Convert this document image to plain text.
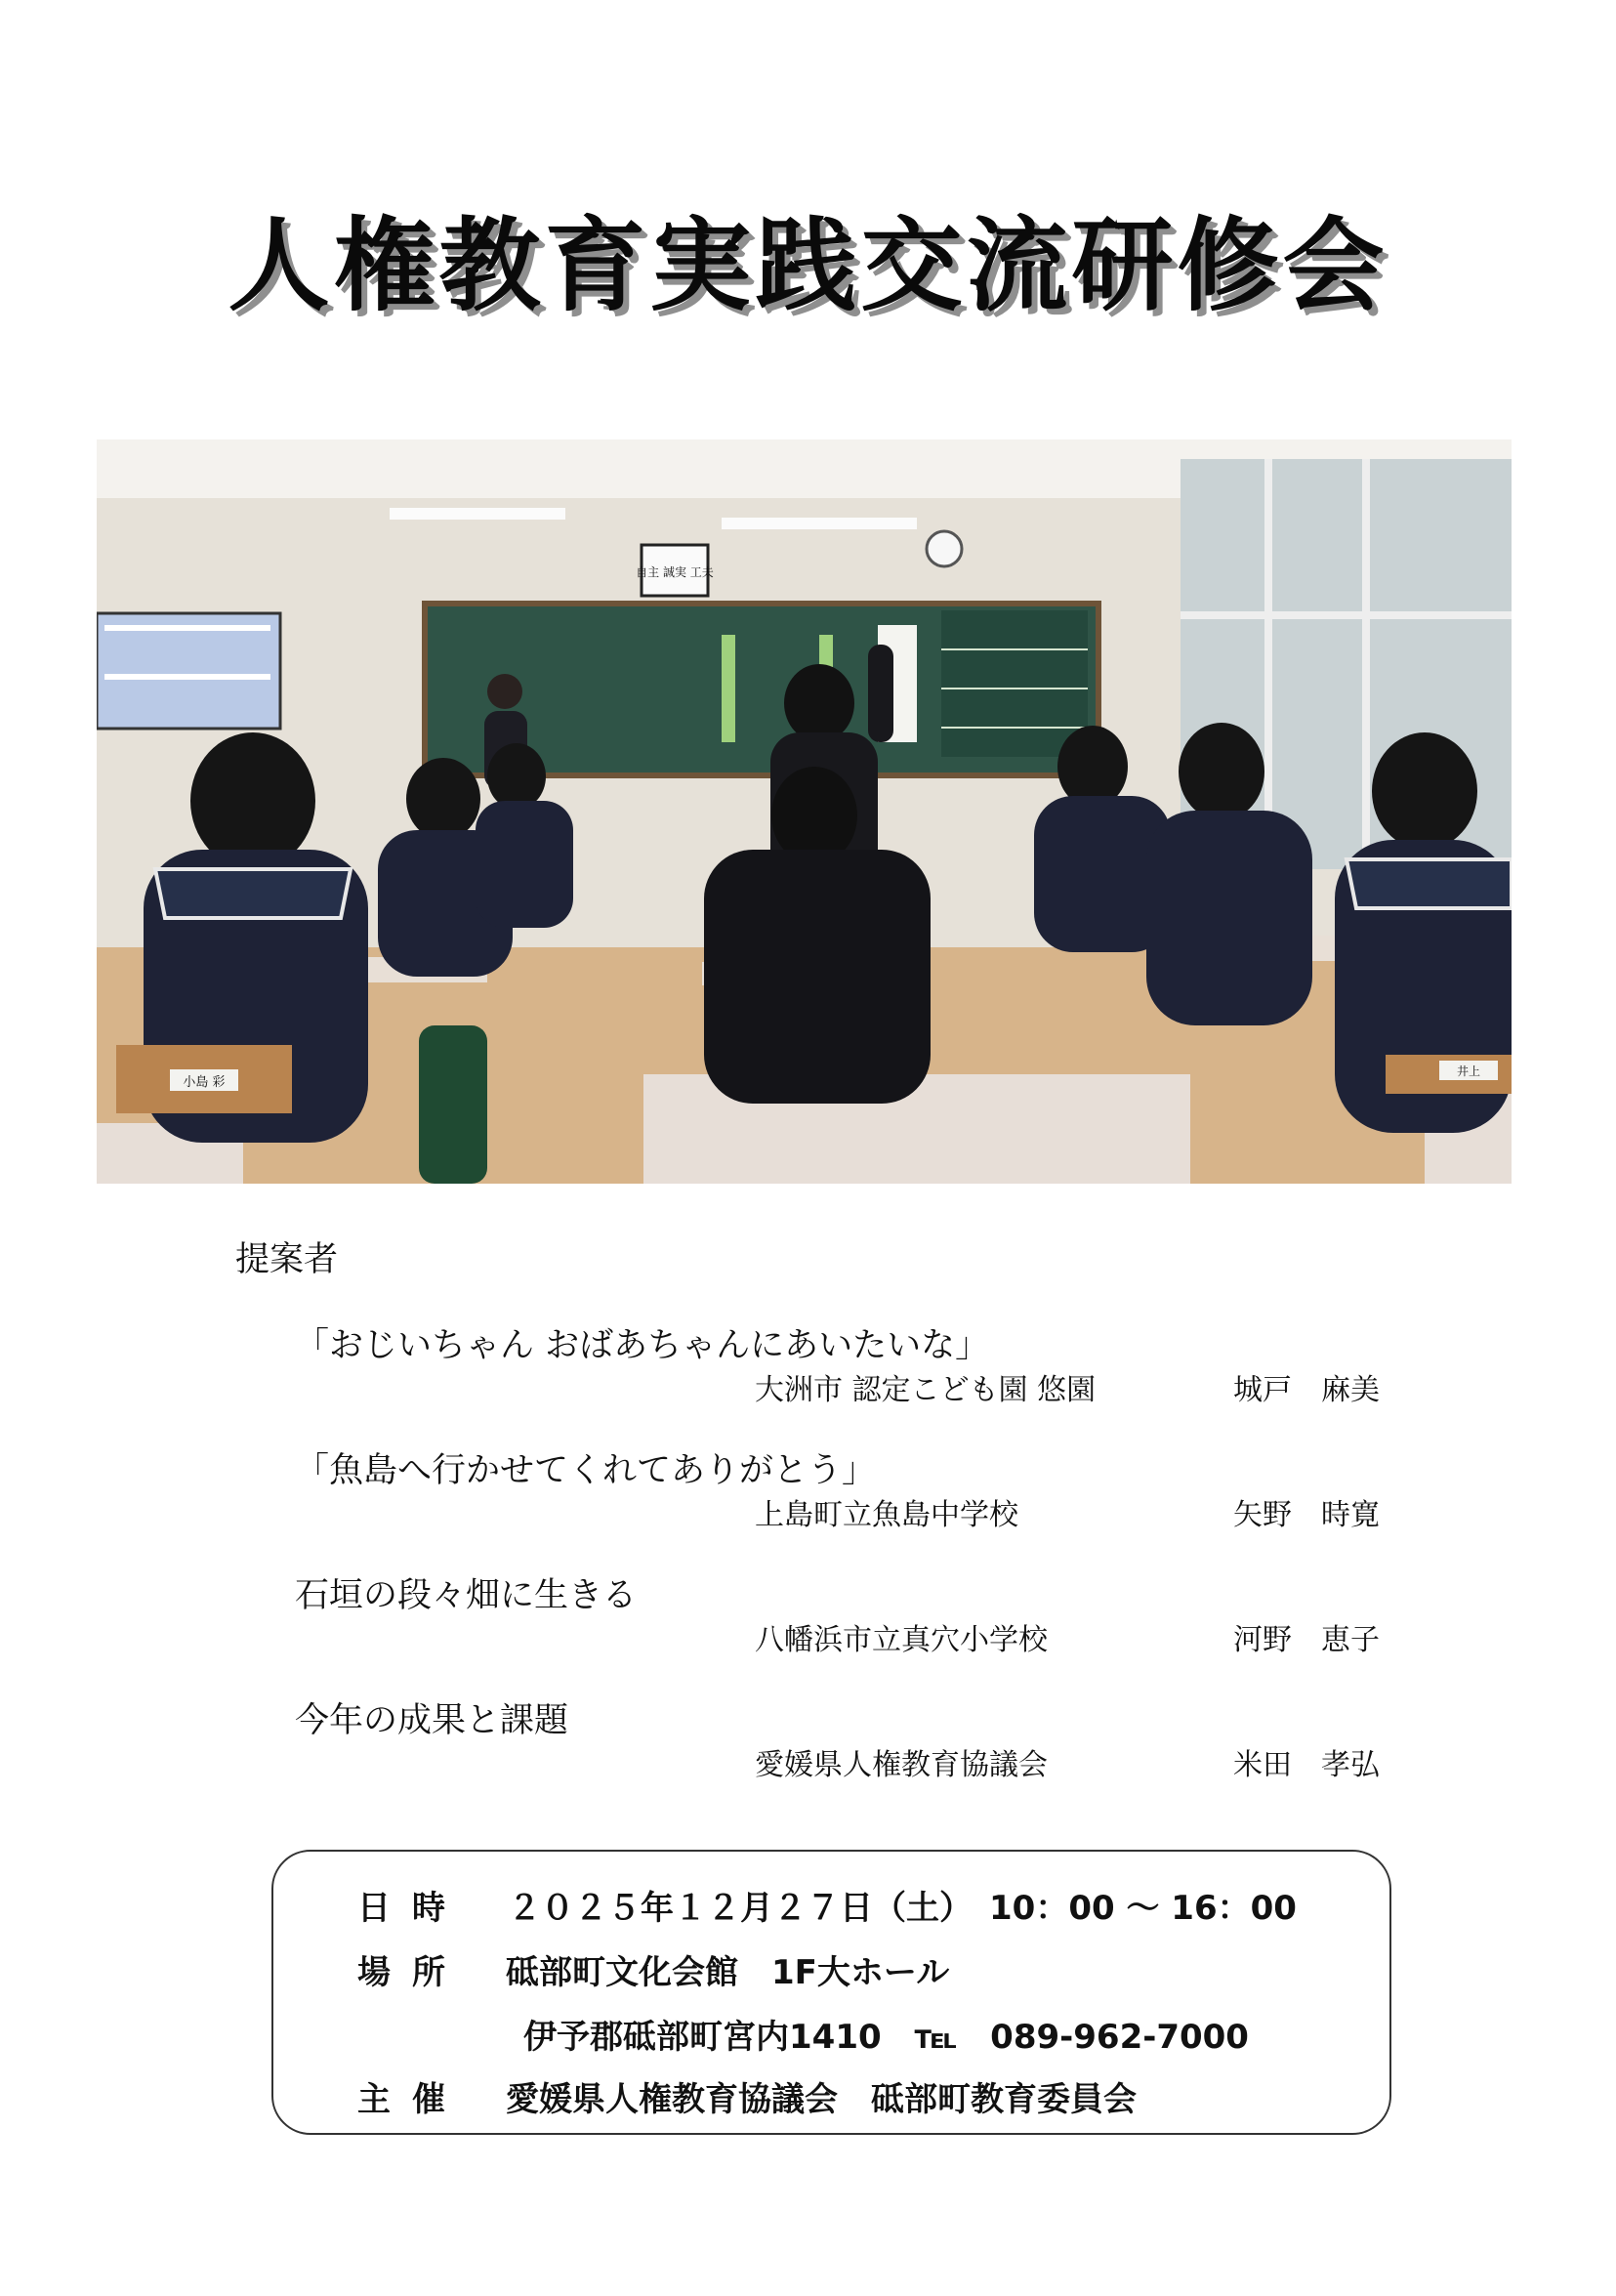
人権教育実践交流研修会
自主 誠実 工夫
小島 彩
井上
提案者
「おじいちゃん おばあちゃんにあいたいな」
大洲市 認定こども園 悠園	城戸　麻美
「魚島へ行かせてくれてありがとう」
上島町立魚島中学校	矢野　時寛
石垣の段々畑に生きる
八幡浜市立真穴小学校	河野　恵子
今年の成果と課題
愛媛県人権教育協議会	米田　孝弘
日時 ２０２５年１２月２７日（土）　10：00 ～ 16：00
場所 砥部町文化会館　1F大ホール
伊予郡砥部町宮内1410　℡　089-962-7000
主催 愛媛県人権教育協議会　砥部町教育委員会
